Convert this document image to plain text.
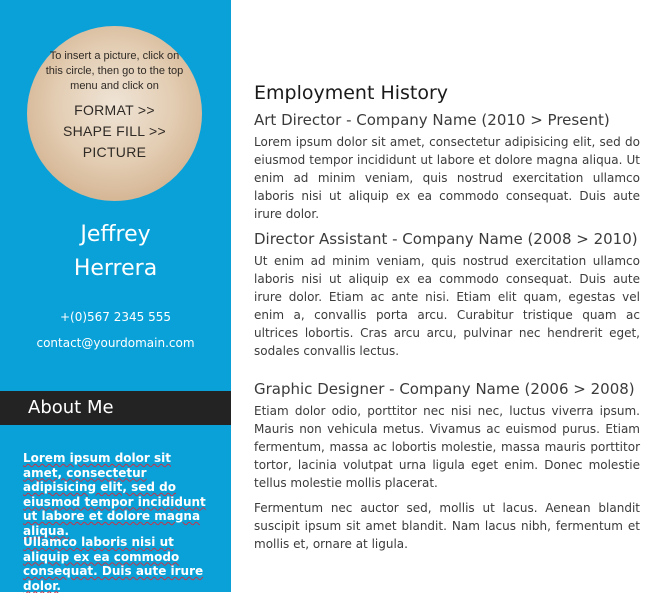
To insert a picture, click on this circle, then go to the top menu and click on
FORMAT >>
SHAPE FILL >>
PICTURE
Jeffrey
Herrera
+(0)567 2345 555
contact@yourdomain.com
About Me
Lorem ipsum dolor sit amet, consectetur adipisicing elit, sed do eiusmod tempor incididunt ut labore et dolore magna aliqua.
Ullamco laboris nisi ut aliquip ex ea commodo consequat. Duis aute irure dolor.
Employment History
Art Director - Company Name (2010 > Present)
Lorem ipsum dolor sit amet, consectetur adipisicing elit, sed do eiusmod tempor incididunt ut labore et dolore magna aliqua. Ut enim ad minim veniam, quis nostrud exercitation ullamco laboris nisi ut aliquip ex ea commodo consequat. Duis aute irure dolor.
Director Assistant - Company Name (2008 > 2010)
Ut enim ad minim veniam, quis nostrud exercitation ullamco laboris nisi ut aliquip ex ea commodo consequat. Duis aute irure dolor. Etiam ac ante nisi. Etiam elit quam, egestas vel enim a, convallis porta arcu. Curabitur tristique quam ac ultrices lobortis. Cras arcu arcu, pulvinar nec hendrerit eget, sodales convallis lectus.
Graphic Designer - Company Name (2006 > 2008)
Etiam dolor odio, porttitor nec nisi nec, luctus viverra ipsum. Mauris non vehicula metus. Vivamus ac euismod purus. Etiam fermentum, massa ac lobortis molestie, massa mauris porttitor tortor, lacinia volutpat urna ligula eget enim. Donec molestie tellus molestie mollis placerat.
Fermentum nec auctor sed, mollis ut lacus. Aenean blandit suscipit ipsum sit amet blandit. Nam lacus nibh, fermentum et mollis et, ornare at ligula.
